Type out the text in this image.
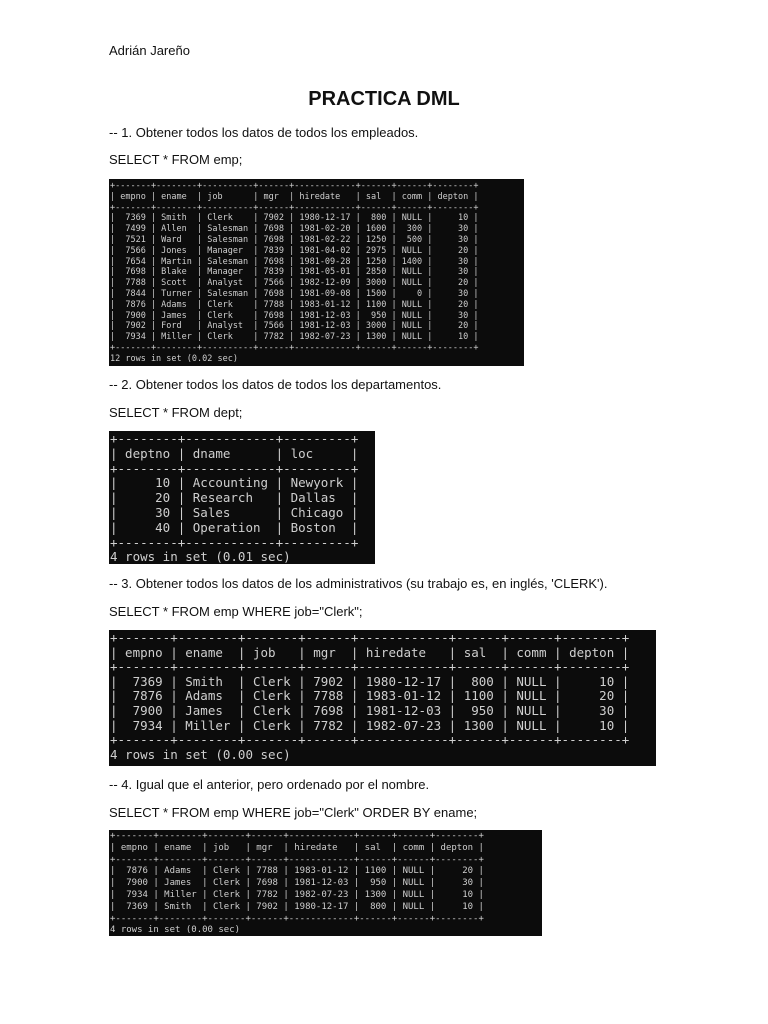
Adrián Jareño
PRACTICA DML
-- 1. Obtener todos los datos de todos los empleados.
SELECT * FROM emp;
+-------+--------+----------+------+------------+------+------+--------+
| empno | ename  | job      | mgr  | hiredate   | sal  | comm | depton |
+-------+--------+----------+------+------------+------+------+--------+
|  7369 | Smith  | Clerk    | 7902 | 1980-12-17 |  800 | NULL |     10 |
|  7499 | Allen  | Salesman | 7698 | 1981-02-20 | 1600 |  300 |     30 |
|  7521 | Ward   | Salesman | 7698 | 1981-02-22 | 1250 |  500 |     30 |
|  7566 | Jones  | Manager  | 7839 | 1981-04-02 | 2975 | NULL |     20 |
|  7654 | Martin | Salesman | 7698 | 1981-09-28 | 1250 | 1400 |     30 |
|  7698 | Blake  | Manager  | 7839 | 1981-05-01 | 2850 | NULL |     30 |
|  7788 | Scott  | Analyst  | 7566 | 1982-12-09 | 3000 | NULL |     20 |
|  7844 | Turner | Salesman | 7698 | 1981-09-08 | 1500 |    0 |     30 |
|  7876 | Adams  | Clerk    | 7788 | 1983-01-12 | 1100 | NULL |     20 |
|  7900 | James  | Clerk    | 7698 | 1981-12-03 |  950 | NULL |     30 |
|  7902 | Ford   | Analyst  | 7566 | 1981-12-03 | 3000 | NULL |     20 |
|  7934 | Miller | Clerk    | 7782 | 1982-07-23 | 1300 | NULL |     10 |
+-------+--------+----------+------+------------+------+------+--------+
12 rows in set (0.02 sec)
-- 2. Obtener todos los datos de todos los departamentos.
SELECT * FROM dept;
+--------+------------+---------+
| deptno | dname      | loc     |
+--------+------------+---------+
|     10 | Accounting | Newyork |
|     20 | Research   | Dallas  |
|     30 | Sales      | Chicago |
|     40 | Operation  | Boston  |
+--------+------------+---------+
4 rows in set (0.01 sec)
-- 3. Obtener todos los datos de los administrativos (su trabajo es, en inglés, 'CLERK').
SELECT * FROM emp WHERE job="Clerk";
+-------+--------+-------+------+------------+------+------+--------+
| empno | ename  | job   | mgr  | hiredate   | sal  | comm | depton |
+-------+--------+-------+------+------------+------+------+--------+
|  7369 | Smith  | Clerk | 7902 | 1980-12-17 |  800 | NULL |     10 |
|  7876 | Adams  | Clerk | 7788 | 1983-01-12 | 1100 | NULL |     20 |
|  7900 | James  | Clerk | 7698 | 1981-12-03 |  950 | NULL |     30 |
|  7934 | Miller | Clerk | 7782 | 1982-07-23 | 1300 | NULL |     10 |
+-------+--------+-------+------+------------+------+------+--------+
4 rows in set (0.00 sec)
-- 4. Igual que el anterior, pero ordenado por el nombre.
SELECT * FROM emp WHERE job="Clerk" ORDER BY ename;
+-------+--------+-------+------+------------+------+------+--------+
| empno | ename  | job   | mgr  | hiredate   | sal  | comm | depton |
+-------+--------+-------+------+------------+------+------+--------+
|  7876 | Adams  | Clerk | 7788 | 1983-01-12 | 1100 | NULL |     20 |
|  7900 | James  | Clerk | 7698 | 1981-12-03 |  950 | NULL |     30 |
|  7934 | Miller | Clerk | 7782 | 1982-07-23 | 1300 | NULL |     10 |
|  7369 | Smith  | Clerk | 7902 | 1980-12-17 |  800 | NULL |     10 |
+-------+--------+-------+------+------------+------+------+--------+
4 rows in set (0.00 sec)
